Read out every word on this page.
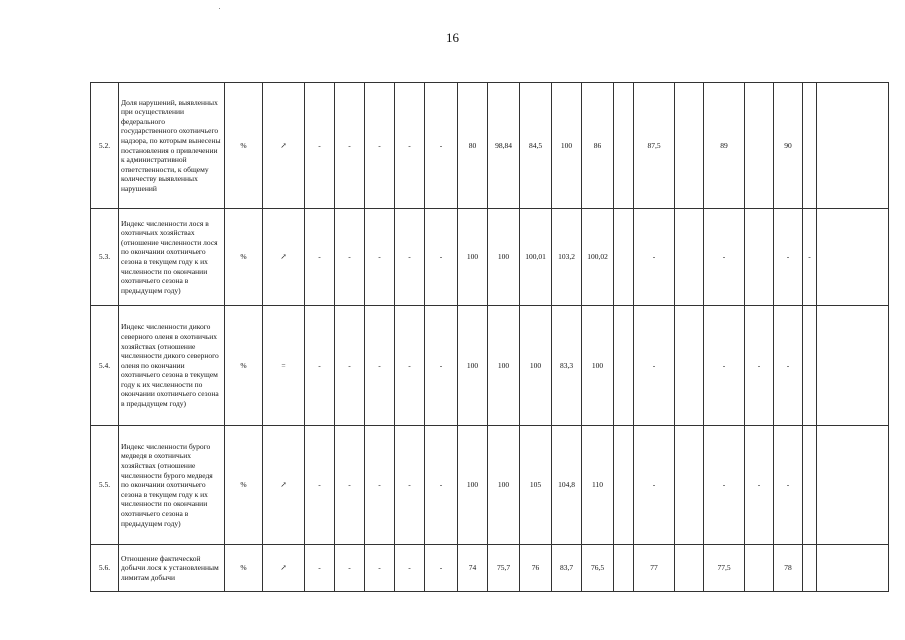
16
5.2.	Доля нарушений, выявленных при осуществлении федерального государственного охотничьего надзора, по которым вынесены постановления о привлечении к административной ответственности, к общему количеству выявленных нарушений	%	↗	-	-	-	-	-	80	98,84	84,5	100	86		87,5		89		90			
5.3.	Индекс численности лося в охотничьих хозяйствах (отношение численности лося по окончании охотничьего сезона в текущем году к их численности по окончании охотничьего сезона в предыдущем году)	%	↗	-	-	-	-	-	100	100	100,01	103,2	100,02		-		-		-	-		
5.4.	Индекс численности дикого северного оленя в охотничьих хозяйствах (отношение численности дикого северного оленя по окончании охотничьего сезона в текущем году к их численности по окончании охотничьего сезона в предыдущем году)	%	=	-	-	-	-	-	100	100	100	83,3	100		-		-	-	-			
5.5.	Индекс численности бурого медведя в охотничьих хозяйствах (отношение численности бурого медведя по окончании охотничьего сезона в текущем году к их численности по окончании охотничьего сезона в предыдущем году)	%	↗	-	-	-	-	-	100	100	105	104,8	110		-		-	-	-			
5.6.	Отношение фактической добычи лося к установленным лимитам добычи	%	↗	-	-	-	-	-	74	75,7	76	83,7	76,5		77		77,5		78			
